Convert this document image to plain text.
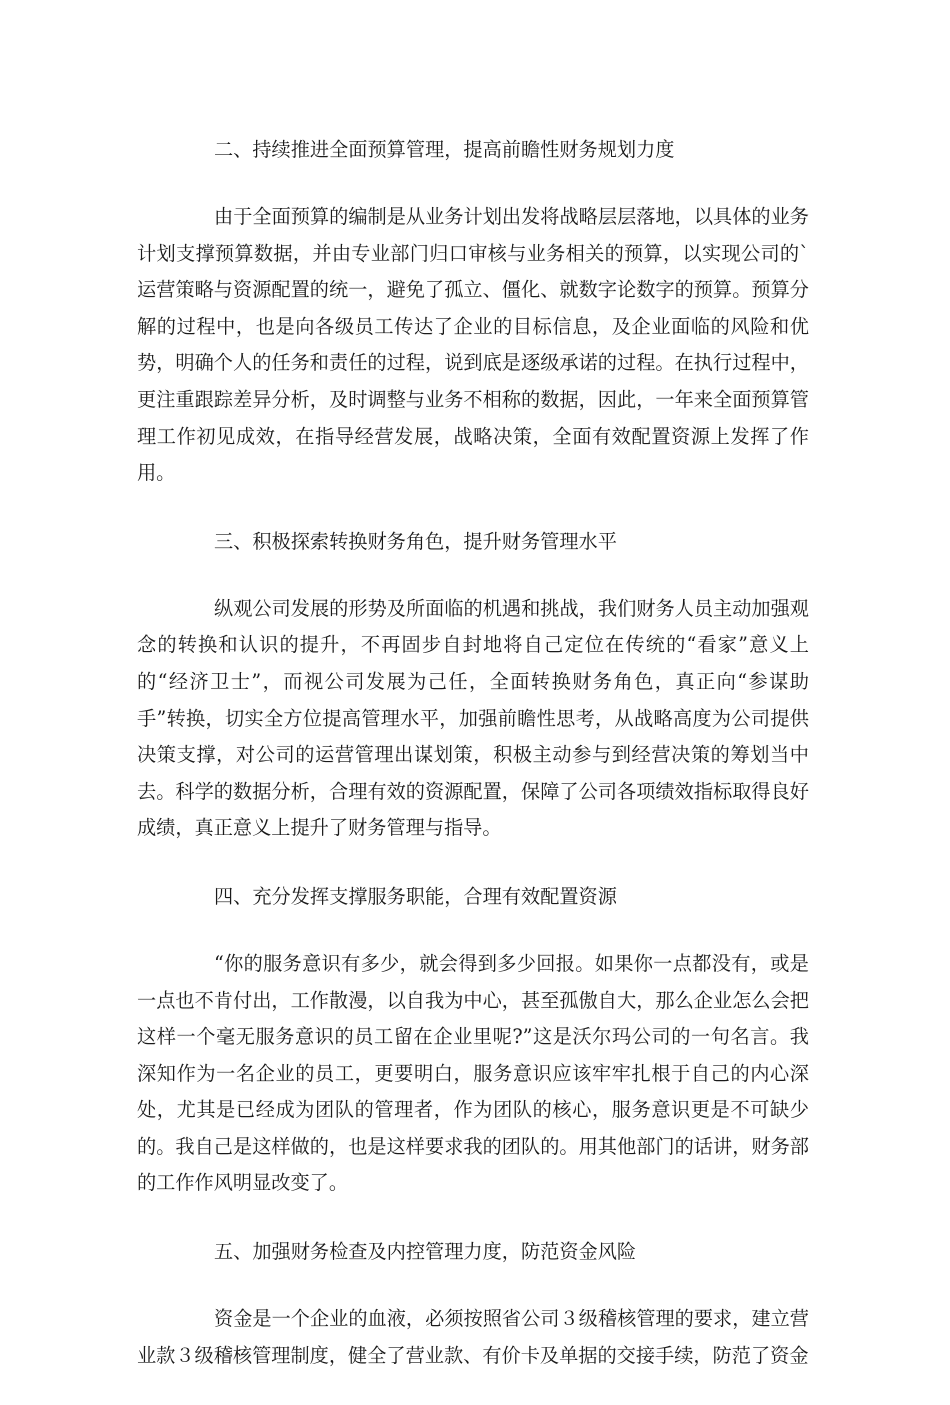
二、持续推进全面预算管理，提高前瞻性财务规划力度

由于全面预算的编制是从业务计划出发将战略层层落地，以具体的业务计划支撑预算数据，并由专业部门归口审核与业务相关的预算，以实现公司的`运营策略与资源配置的统一，避免了孤立、僵化、就数字论数字的预算。预算分解的过程中，也是向各级员工传达了企业的目标信息，及企业面临的风险和优势，明确个人的任务和责任的过程，说到底是逐级承诺的过程。在执行过程中，更注重跟踪差异分析，及时调整与业务不相称的数据，因此，一年来全面预算管理工作初见成效，在指导经营发展，战略决策，全面有效配置资源上发挥了作用。

三、积极探索转换财务角色，提升财务管理水平

纵观公司发展的形势及所面临的机遇和挑战，我们财务人员主动加强观念的转换和认识的提升，不再固步自封地将自己定位在传统的“看家”意义上的“经济卫士”，而视公司发展为己任，全面转换财务角色，真正向“参谋助手”转换，切实全方位提高管理水平，加强前瞻性思考，从战略高度为公司提供决策支撑，对公司的运营管理出谋划策，积极主动参与到经营决策的筹划当中去。科学的数据分析，合理有效的资源配置，保障了公司各项绩效指标取得良好成绩，真正意义上提升了财务管理与指导。

四、充分发挥支撑服务职能，合理有效配置资源

“你的服务意识有多少，就会得到多少回报。如果你一点都没有，或是一点也不肯付出，工作散漫，以自我为中心，甚至孤傲自大，那么企业怎么会把这样一个毫无服务意识的员工留在企业里呢?”这是沃尔玛公司的一句名言。我深知作为一名企业的员工，更要明白，服务意识应该牢牢扎根于自己的内心深处，尤其是已经成为团队的管理者，作为团队的核心，服务意识更是不可缺少的。我自己是这样做的，也是这样要求我的团队的。用其他部门的话讲，财务部的工作作风明显改变了。

五、加强财务检查及内控管理力度，防范资金风险

资金是一个企业的血液，必须按照省公司３级稽核管理的要求，建立营业款３级稽核管理制度，健全了营业款、有价卡及单据的交接手续，防范了资金
